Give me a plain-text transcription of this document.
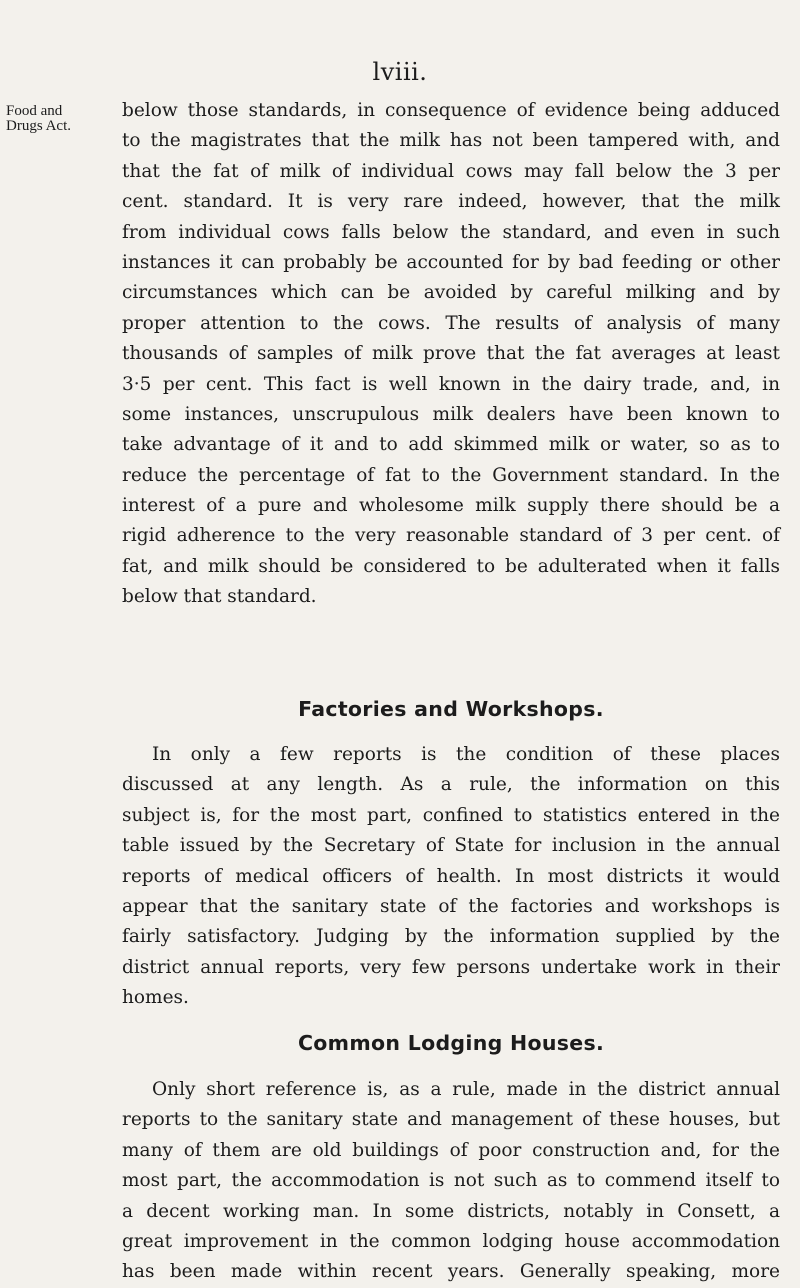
lviii.
Food and
Drugs Act.
below those standards, in consequence of evidence being adduced
to the magistrates that the milk has not been tampered with, and
that the fat of milk of individual cows may fall below the 3 per
cent. standard. It is very rare indeed, however, that the milk
from individual cows falls below the standard, and even in such
instances it can probably be accounted for by bad feeding or other
circumstances which can be avoided by careful milking and by
proper attention to the cows. The results of analysis of many
thousands of samples of milk prove that the fat averages at least
3·5 per cent. This fact is well known in the dairy trade, and, in
some instances, unscrupulous milk dealers have been known to
take advantage of it and to add skimmed milk or water, so as to
reduce the percentage of fat to the Government standard. In the
interest of a pure and wholesome milk supply there should be a
rigid adherence to the very reasonable standard of 3 per cent. of
fat, and milk should be considered to be adulterated when it falls
below that standard.
Factories and Workshops.
In only a few reports is the condition of these places
discussed at any length. As a rule, the information on this
subject is, for the most part, confined to statistics entered in the
table issued by the Secretary of State for inclusion in the annual
reports of medical officers of health. In most districts it would
appear that the sanitary state of the factories and workshops is
fairly satisfactory. Judging by the information supplied by the
district annual reports, very few persons undertake work in their
homes.
Common Lodging Houses.
Only short reference is, as a rule, made in the district annual
reports to the sanitary state and management of these houses, but
many of them are old buildings of poor construction and, for the
most part, the accommodation is not such as to commend itself to
a decent working man. In some districts, notably in Consett, a
great improvement in the common lodging house accommodation
has been made within recent years. Generally speaking, more
